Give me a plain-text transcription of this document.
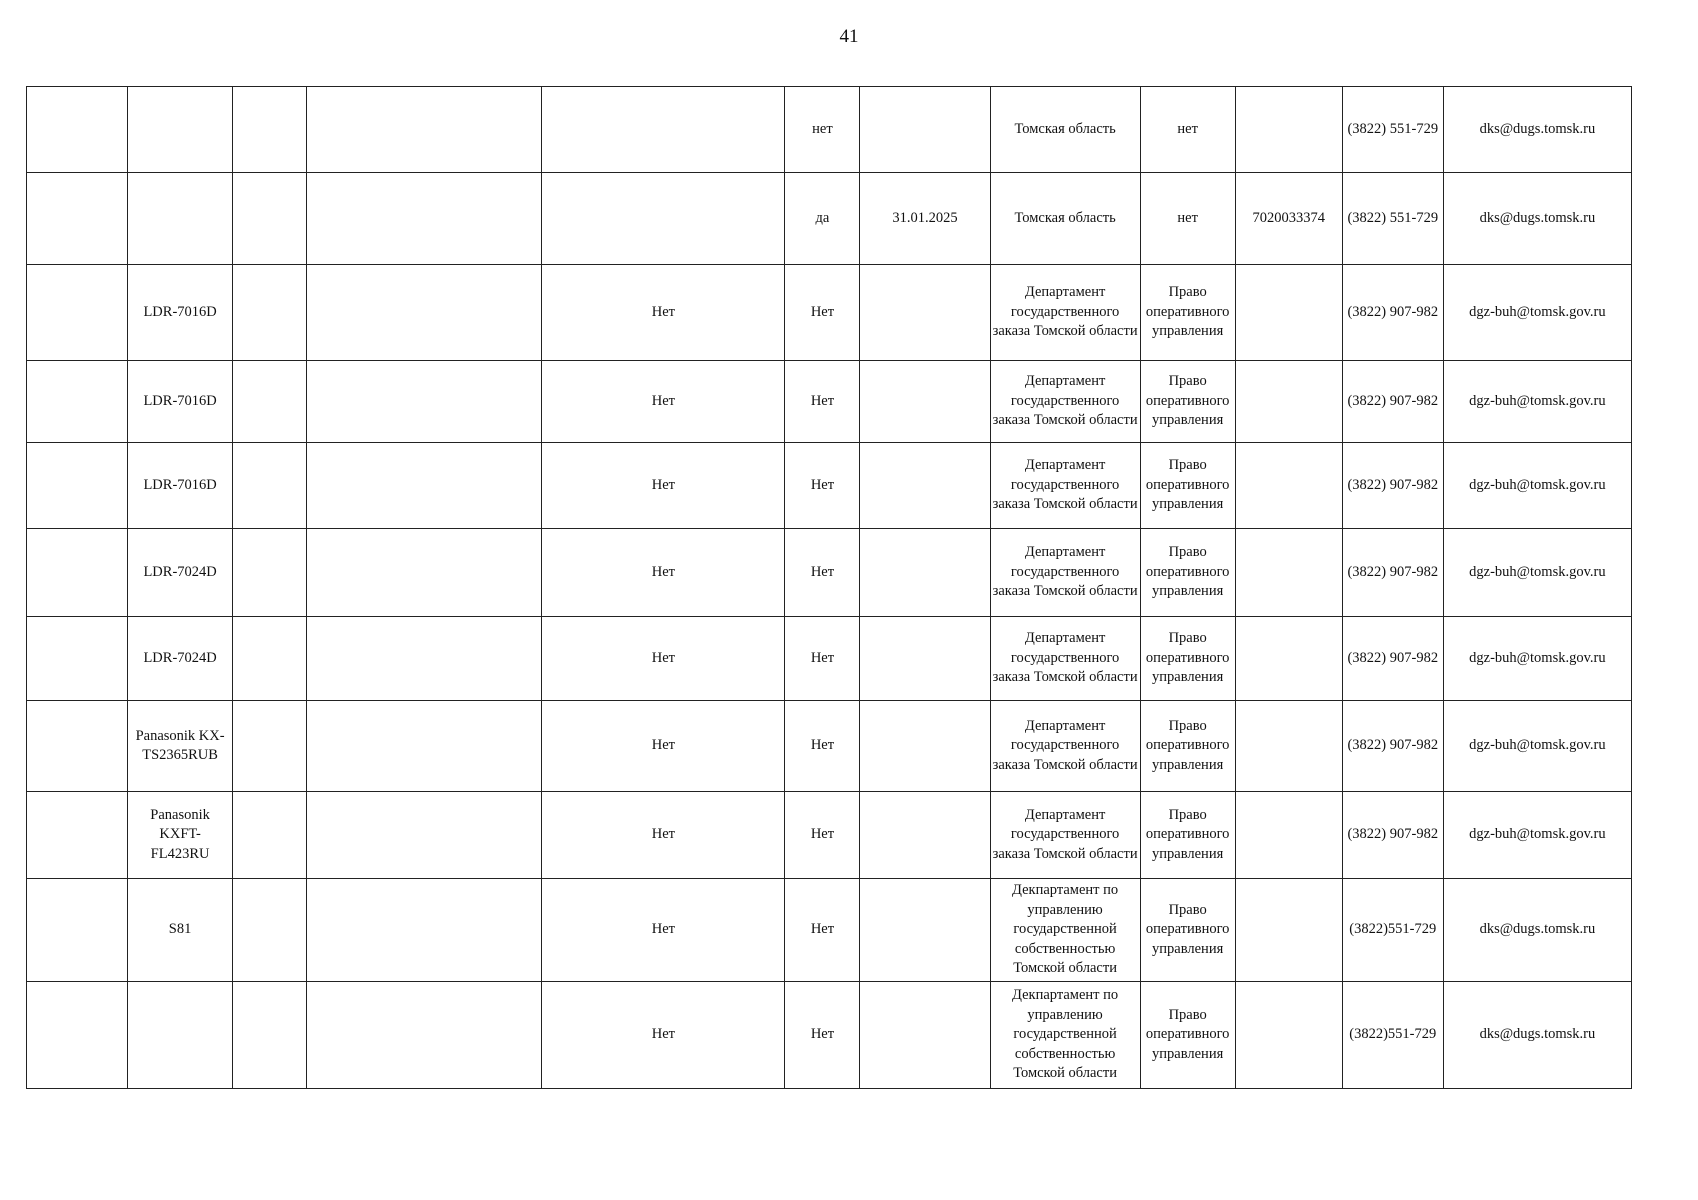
41
					нет		Томская область	нет		(3822) 551-729	dks@dugs.tomsk.ru
					да	31.01.2025	Томская область	нет	7020033374	(3822) 551-729	dks@dugs.tomsk.ru
	LDR-7016D			Нет	Нет		Департамент государственного заказа Томской области	Право оперативного управления		(3822) 907-982	dgz-buh@tomsk.gov.ru
	LDR-7016D			Нет	Нет		Департамент государственного заказа Томской области	Право оперативного управления		(3822) 907-982	dgz-buh@tomsk.gov.ru
	LDR-7016D			Нет	Нет		Департамент государственного заказа Томской области	Право оперативного управления		(3822) 907-982	dgz-buh@tomsk.gov.ru
	LDR-7024D			Нет	Нет		Департамент государственного заказа Томской области	Право оперативного управления		(3822) 907-982	dgz-buh@tomsk.gov.ru
	LDR-7024D			Нет	Нет		Департамент государственного заказа Томской области	Право оперативного управления		(3822) 907-982	dgz-buh@tomsk.gov.ru
	Panasonik KX-TS2365RUB			Нет	Нет		Департамент государственного заказа Томской области	Право оперативного управления		(3822) 907-982	dgz-buh@tomsk.gov.ru
	Panasonik KXFT-FL423RU			Нет	Нет		Департамент государственного заказа Томской области	Право оперативного управления		(3822) 907-982	dgz-buh@tomsk.gov.ru
	S81			Нет	Нет		Декпартамент по управлению государственной собственностью Томской области	Право оперативного управления		(3822)551-729	dks@dugs.tomsk.ru
				Нет	Нет		Декпартамент по управлению государственной собственностью Томской области	Право оперативного управления		(3822)551-729	dks@dugs.tomsk.ru
